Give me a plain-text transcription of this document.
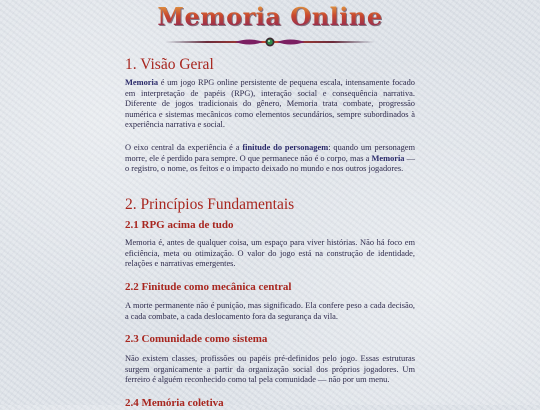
Memoria Online
1. Visão Geral

Memoria é um jogo RPG online persistente de pequena escala, intensamente focado em interpretação de papéis (RPG), interação social e consequência narrativa. Diferente de jogos tradicionais do gênero, Memoria trata combate, progressão numérica e sistemas mecânicos como elementos secundários, sempre subordinados à experiência narrativa e social.

O eixo central da experiência é a finitude do personagem: quando um personagem morre, ele é perdido para sempre. O que permanece não é o corpo, mas a Memoria — o registro, o nome, os feitos e o impacto deixado no mundo e nos outros jogadores.

2. Princípios Fundamentais
2.1 RPG acima de tudo

Memoria é, antes de qualquer coisa, um espaço para viver histórias. Não há foco em eficiência, meta ou otimização. O valor do jogo está na construção de identidade, relações e narrativas emergentes.

2.2 Finitude como mecânica central

A morte permanente não é punição, mas significado. Ela confere peso a cada decisão, a cada combate, a cada deslocamento fora da segurança da vila.

2.3 Comunidade como sistema

Não existem classes, profissões ou papéis pré-definidos pelo jogo. Essas estruturas surgem organicamente a partir da organização social dos próprios jogadores. Um ferreiro é alguém reconhecido como tal pela comunidade — não por um menu.

2.4 Memória coletiva
